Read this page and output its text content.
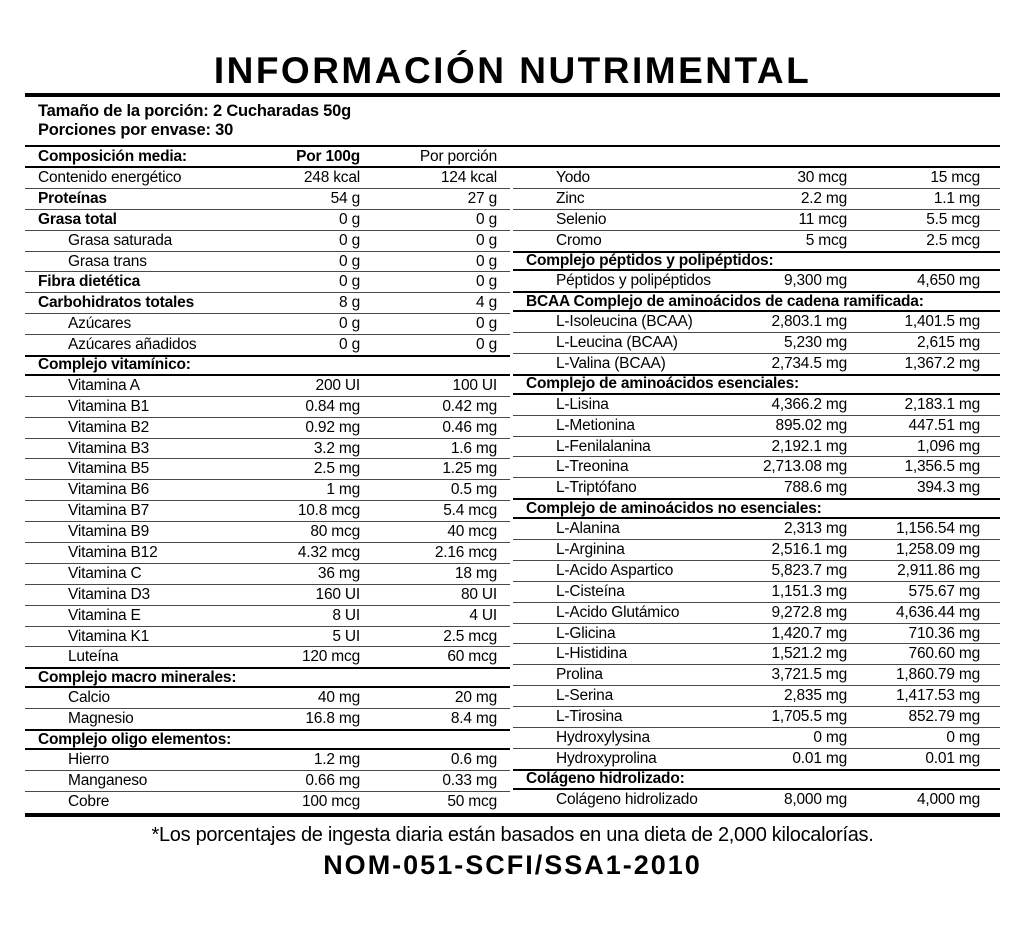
INFORMACIÓN NUTRIMENTAL
Tamaño de la porción: 2 Cucharadas 50g
Porciones por envase: 30
Composición media:	Por 100g	Por porción
Contenido energético	248 kcal	124 kcal
Proteínas	54 g	27 g
Grasa total	0 g	0 g
Grasa saturada	0 g	0 g
Grasa trans	0 g	0 g
Fibra dietética	0 g	0 g
Carbohidratos totales	8 g	4 g
Azúcares	0 g	0 g
Azúcares añadidos	0 g	0 g
Complejo vitamínico:
Vitamina A	200 UI	100 UI
Vitamina B1	0.84 mg	0.42 mg
Vitamina B2	0.92 mg	0.46 mg
Vitamina B3	3.2 mg	1.6 mg
Vitamina B5	2.5 mg	1.25 mg
Vitamina B6	1 mg	0.5 mg
Vitamina B7	10.8 mcg	5.4 mcg
Vitamina B9	80 mcg	40 mcg
Vitamina B12	4.32 mcg	2.16 mcg
Vitamina C	36 mg	18 mg
Vitamina D3	160 UI	80 UI
Vitamina E	8 UI	4 UI
Vitamina K1	5 UI	2.5 mcg
Luteína	120 mcg	60 mcg
Complejo macro minerales:
Calcio	40 mg	20 mg
Magnesio	16.8 mg	8.4 mg
Complejo oligo elementos:
Hierro	1.2 mg	0.6 mg
Manganeso	0.66 mg	0.33 mg
Cobre	100 mcg	50 mcg
Yodo	30 mcg	15 mcg
Zinc	2.2 mg	1.1 mg
Selenio	11 mcg	5.5 mcg
Cromo	5 mcg	2.5 mcg
Complejo péptidos y polipéptidos:
Péptidos y polipéptidos	9,300 mg	4,650 mg
BCAA Complejo de aminoácidos de cadena ramificada:
L-Isoleucina (BCAA)	2,803.1 mg	1,401.5 mg
L-Leucina (BCAA)	5,230 mg	2,615 mg
L-Valina (BCAA)	2,734.5 mg	1,367.2 mg
Complejo de aminoácidos esenciales:
L-Lisina	4,366.2 mg	2,183.1 mg
L-Metionina	895.02 mg	447.51 mg
L-Fenilalanina	2,192.1 mg	1,096 mg
L-Treonina	2,713.08 mg	1,356.5 mg
L-Triptófano	788.6 mg	394.3 mg
Complejo de aminoácidos no esenciales:
L-Alanina	2,313 mg	1,156.54 mg
L-Arginina	2,516.1 mg	1,258.09 mg
L-Acido Aspartico	5,823.7 mg	2,911.86 mg
L-Cisteína	1,151.3 mg	575.67 mg
L-Acido Glutámico	9,272.8 mg	4,636.44 mg
L-Glicina	1,420.7 mg	710.36 mg
L-Histidina	1,521.2 mg	760.60 mg
Prolina	3,721.5 mg	1,860.79 mg
L-Serina	2,835 mg	1,417.53 mg
L-Tirosina	1,705.5 mg	852.79 mg
Hydroxylysina	0 mg	0 mg
Hydroxyprolina	0.01 mg	0.01 mg
Colágeno hidrolizado:
Colágeno hidrolizado	8,000 mg	4,000 mg
*Los porcentajes de ingesta diaria están basados en una dieta de 2,000 kilocalorías.
NOM-051-SCFI/SSA1-2010
